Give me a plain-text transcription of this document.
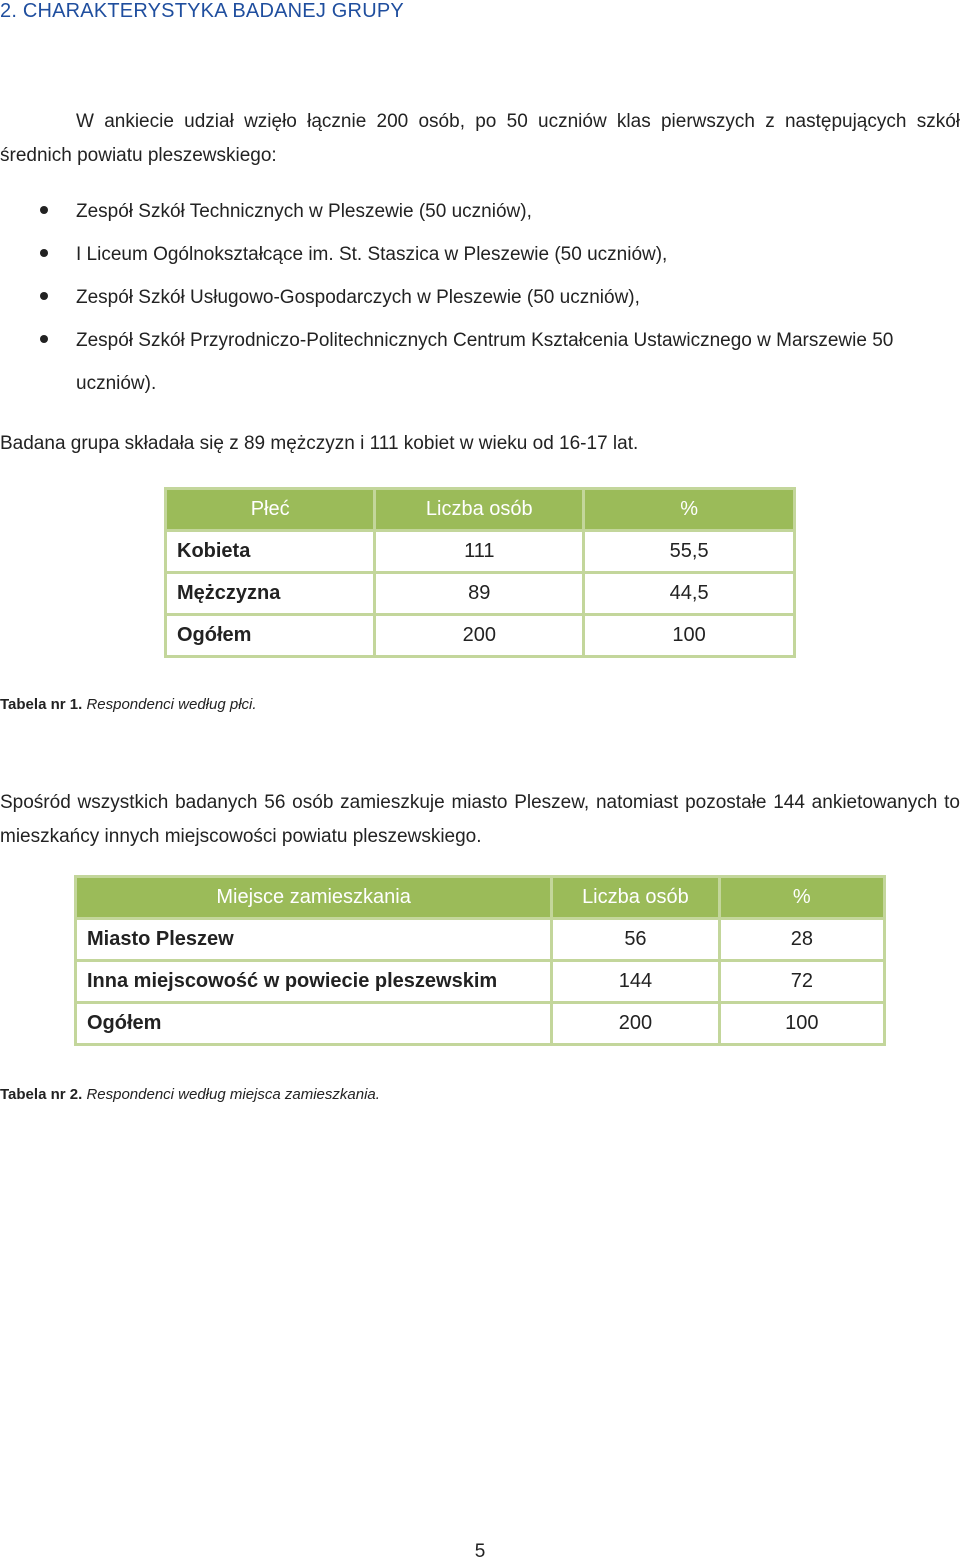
2. CHARAKTERYSTYKA BADANEJ GRUPY
W ankiecie udział wzięło łącznie 200 osób, po 50 uczniów klas pierwszych z następujących szkół średnich powiatu pleszewskiego:
Zespół Szkół Technicznych w Pleszewie (50 uczniów),
I Liceum Ogólnokształcące im. St. Staszica w Pleszewie (50 uczniów),
Zespół Szkół Usługowo-Gospodarczych w Pleszewie (50 uczniów),
Zespół Szkół Przyrodniczo-Politechnicznych Centrum Kształcenia Ustawicznego w Marszewie 50 uczniów).
Badana grupa składała się z 89 mężczyzn i 111 kobiet w wieku od 16-17 lat.
Płeć	Liczba osób	%
Kobieta	111	55,5
Mężczyzna	89	44,5
Ogółem	200	100
Tabela nr 1. Respondenci według płci.
Spośród wszystkich badanych 56 osób zamieszkuje miasto Pleszew, natomiast pozostałe 144 ankietowanych to mieszkańcy innych miejscowości powiatu pleszewskiego.
Miejsce zamieszkania	Liczba osób	%
Miasto Pleszew	56	28
Inna miejscowość w powiecie pleszewskim	144	72
Ogółem	200	100
Tabela nr 2. Respondenci według miejsca zamieszkania.
5
